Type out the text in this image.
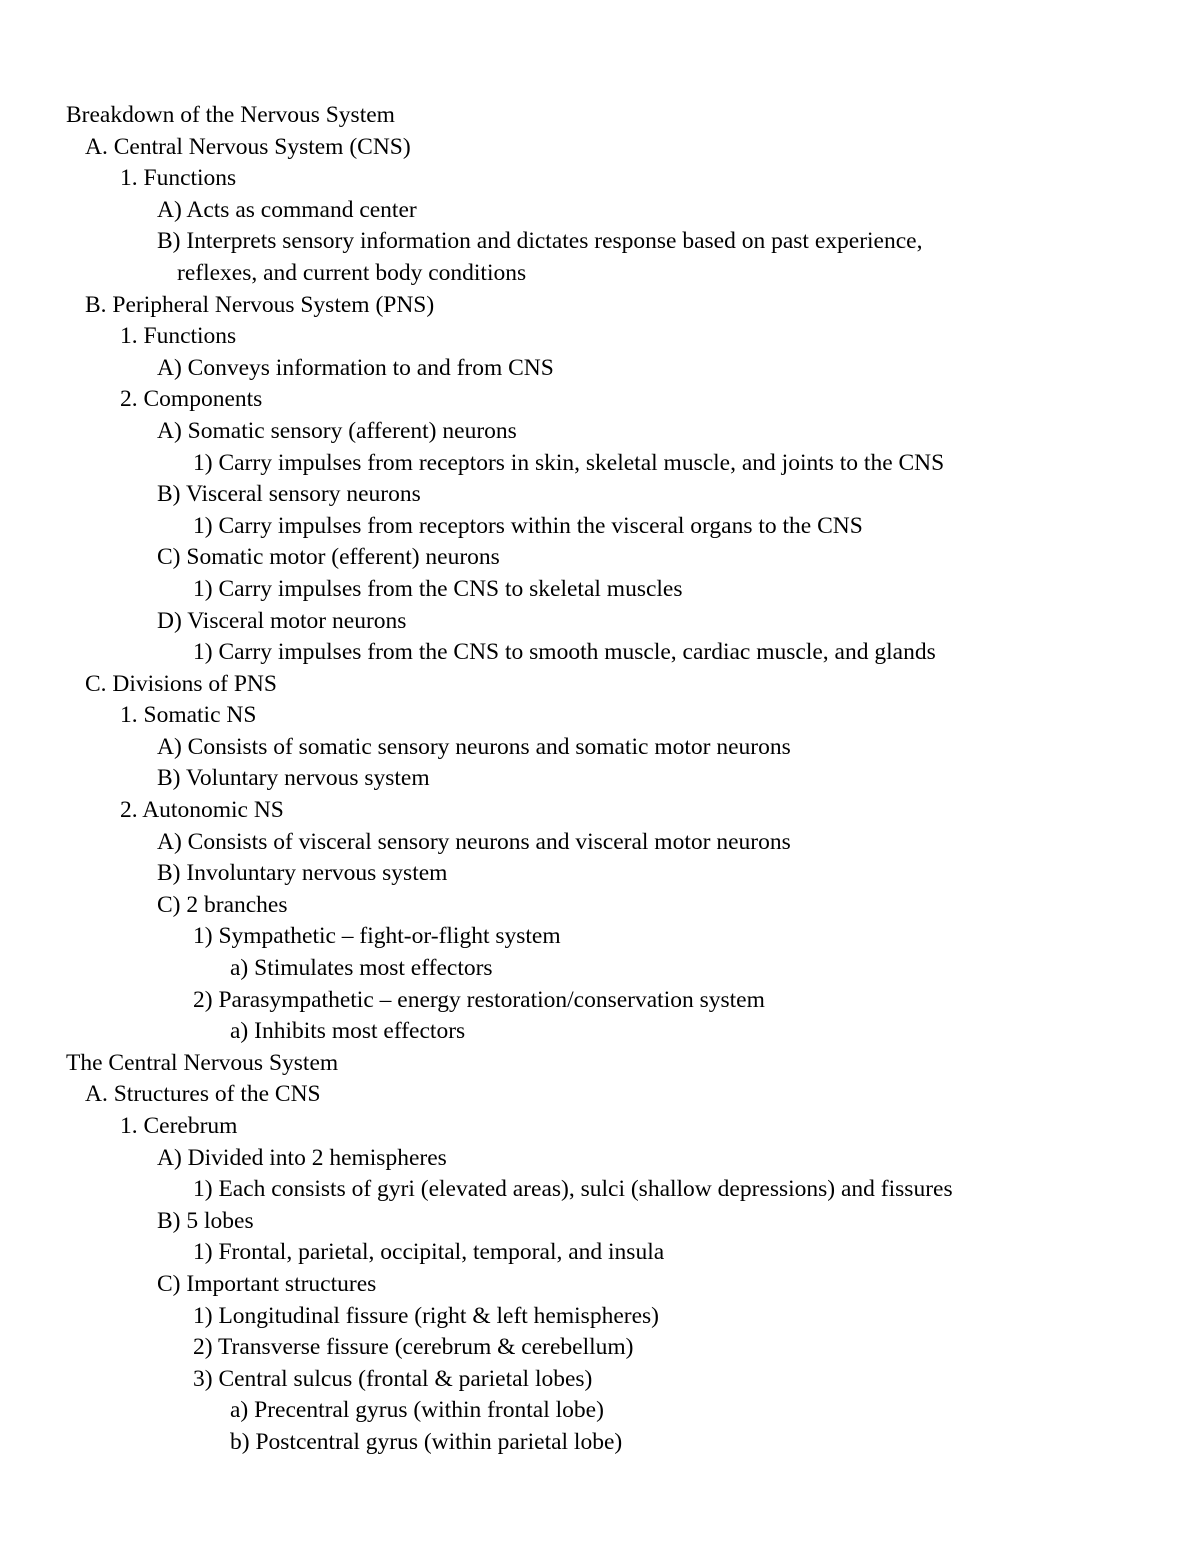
Breakdown of the Nervous System
A. Central Nervous System (CNS)
1. Functions
A) Acts as command center
B) Interprets sensory information and dictates response based on past experience,
reflexes, and current body conditions
B. Peripheral Nervous System (PNS)
1. Functions
A) Conveys information to and from CNS
2. Components
A) Somatic sensory (afferent) neurons
1) Carry impulses from receptors in skin, skeletal muscle, and joints to the CNS
B) Visceral sensory neurons
1) Carry impulses from receptors within the visceral organs to the CNS
C) Somatic motor (efferent) neurons
1) Carry impulses from the CNS to skeletal muscles
D) Visceral motor neurons
1) Carry impulses from the CNS to smooth muscle, cardiac muscle, and glands
C. Divisions of PNS
1. Somatic NS
A) Consists of somatic sensory neurons and somatic motor neurons
B) Voluntary nervous system
2. Autonomic NS
A) Consists of visceral sensory neurons and visceral motor neurons
B) Involuntary nervous system
C) 2 branches
1) Sympathetic – fight-or-flight system
a) Stimulates most effectors
2) Parasympathetic – energy restoration/conservation system
a) Inhibits most effectors
The Central Nervous System
A. Structures of the CNS
1. Cerebrum
A) Divided into 2 hemispheres
1) Each consists of gyri (elevated areas), sulci (shallow depressions) and fissures
B) 5 lobes
1) Frontal, parietal, occipital, temporal, and insula
C) Important structures
1) Longitudinal fissure (right & left hemispheres)
2) Transverse fissure (cerebrum & cerebellum)
3) Central sulcus (frontal & parietal lobes)
a) Precentral gyrus (within frontal lobe)
b) Postcentral gyrus (within parietal lobe)
